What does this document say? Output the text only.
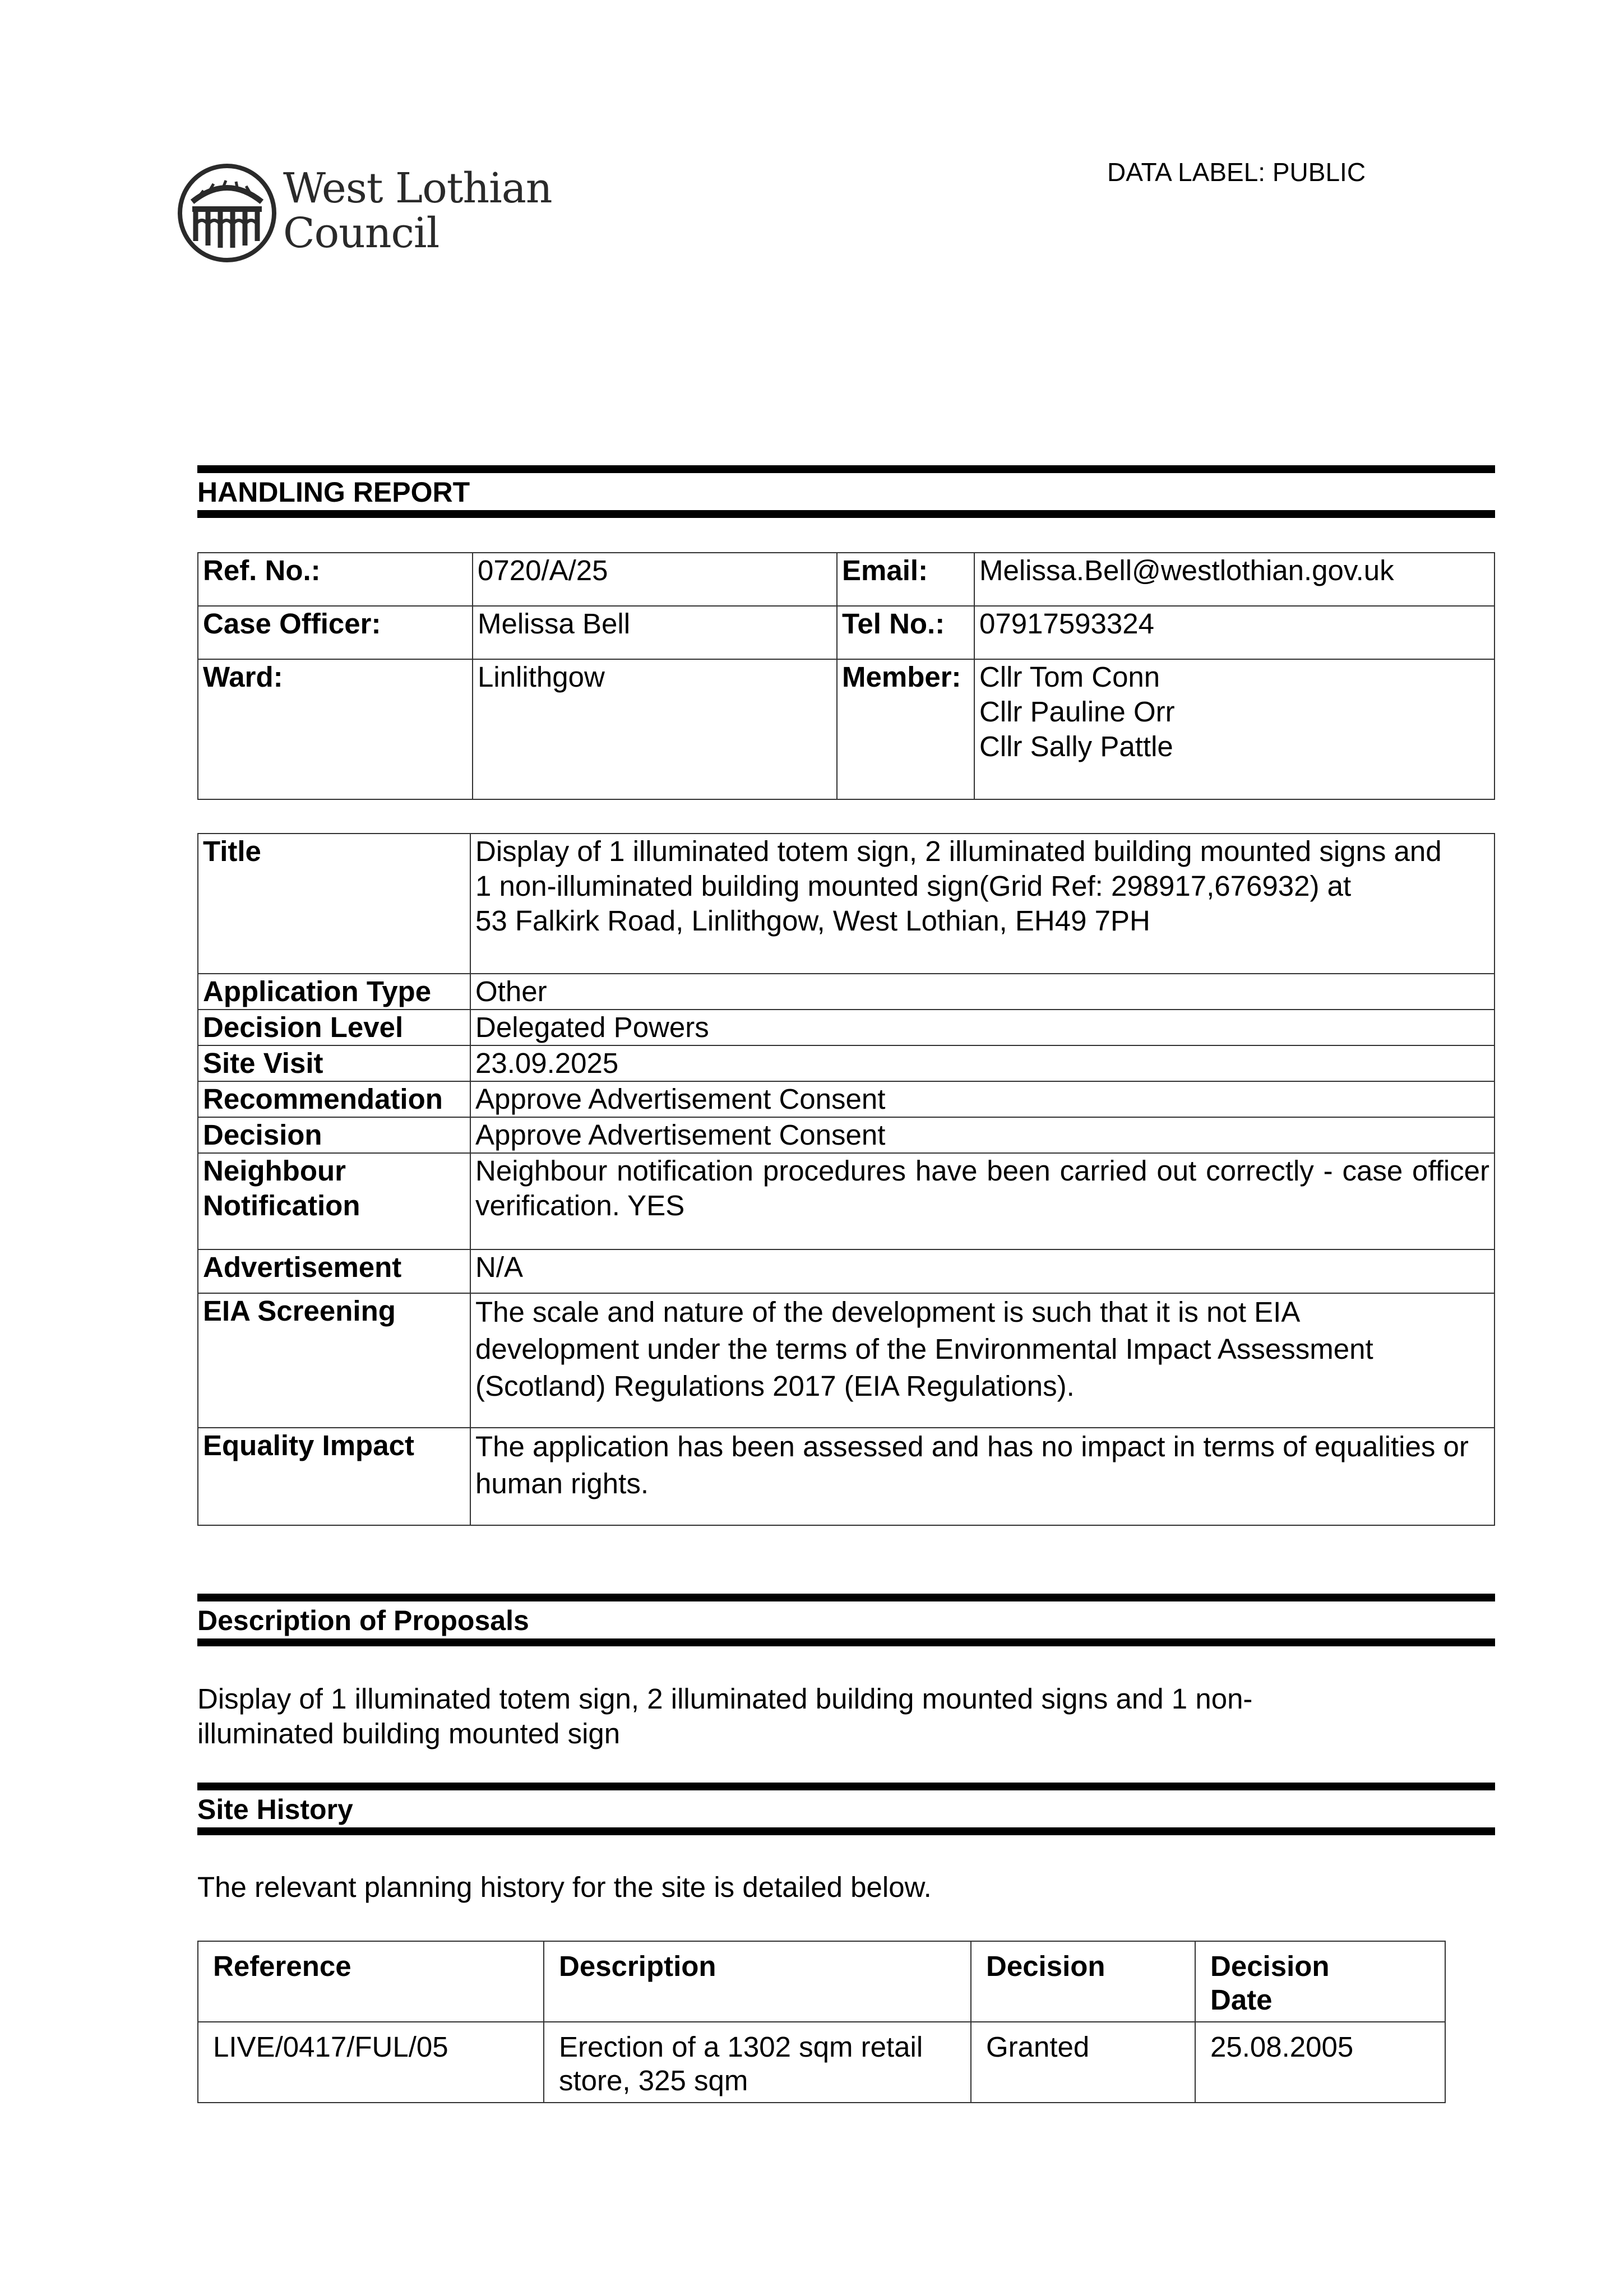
West Lothian
Council
DATA LABEL: PUBLIC
HANDLING REPORT
Ref. No.:	0720/A/25	Email:	Melissa.Bell@westlothian.gov.uk
Case Officer:	Melissa Bell	Tel No.:	07917593324
Ward:	Linlithgow	Member:	Cllr Tom Conn
Cllr Pauline Orr
Cllr Sally Pattle
Title	Display of 1 illuminated totem sign, 2 illuminated building mounted signs and
1 non-illuminated building mounted sign(Grid Ref: 298917,676932) at
53 Falkirk Road, Linlithgow, West Lothian, EH49 7PH

Application Type	Other
Decision Level	Delegated Powers
Site Visit	23.09.2025
Recommendation	Approve Advertisement Consent
Decision	Approve Advertisement Consent

Neighbour
Notification	Neighbour notification procedures have been carried out correctly - case officer verification. YES
Advertisement	N/A
EIA Screening	The scale and nature of the development is such that it is not EIA development under the terms of the Environmental Impact Assessment (Scotland) Regulations 2017 (EIA Regulations).
Equality Impact	The application has been assessed and has no impact in terms of equalities or human rights.
Description of Proposals
Display of 1 illuminated totem sign, 2 illuminated building mounted signs and 1 non-
illuminated building mounted sign
Site History
The relevant planning history for the site is detailed below.
Reference	Description	Decision	Decision Date
LIVE/0417/FUL/05	Erection of a 1302 sqm retail store, 325 sqm	Granted	25.08.2005
